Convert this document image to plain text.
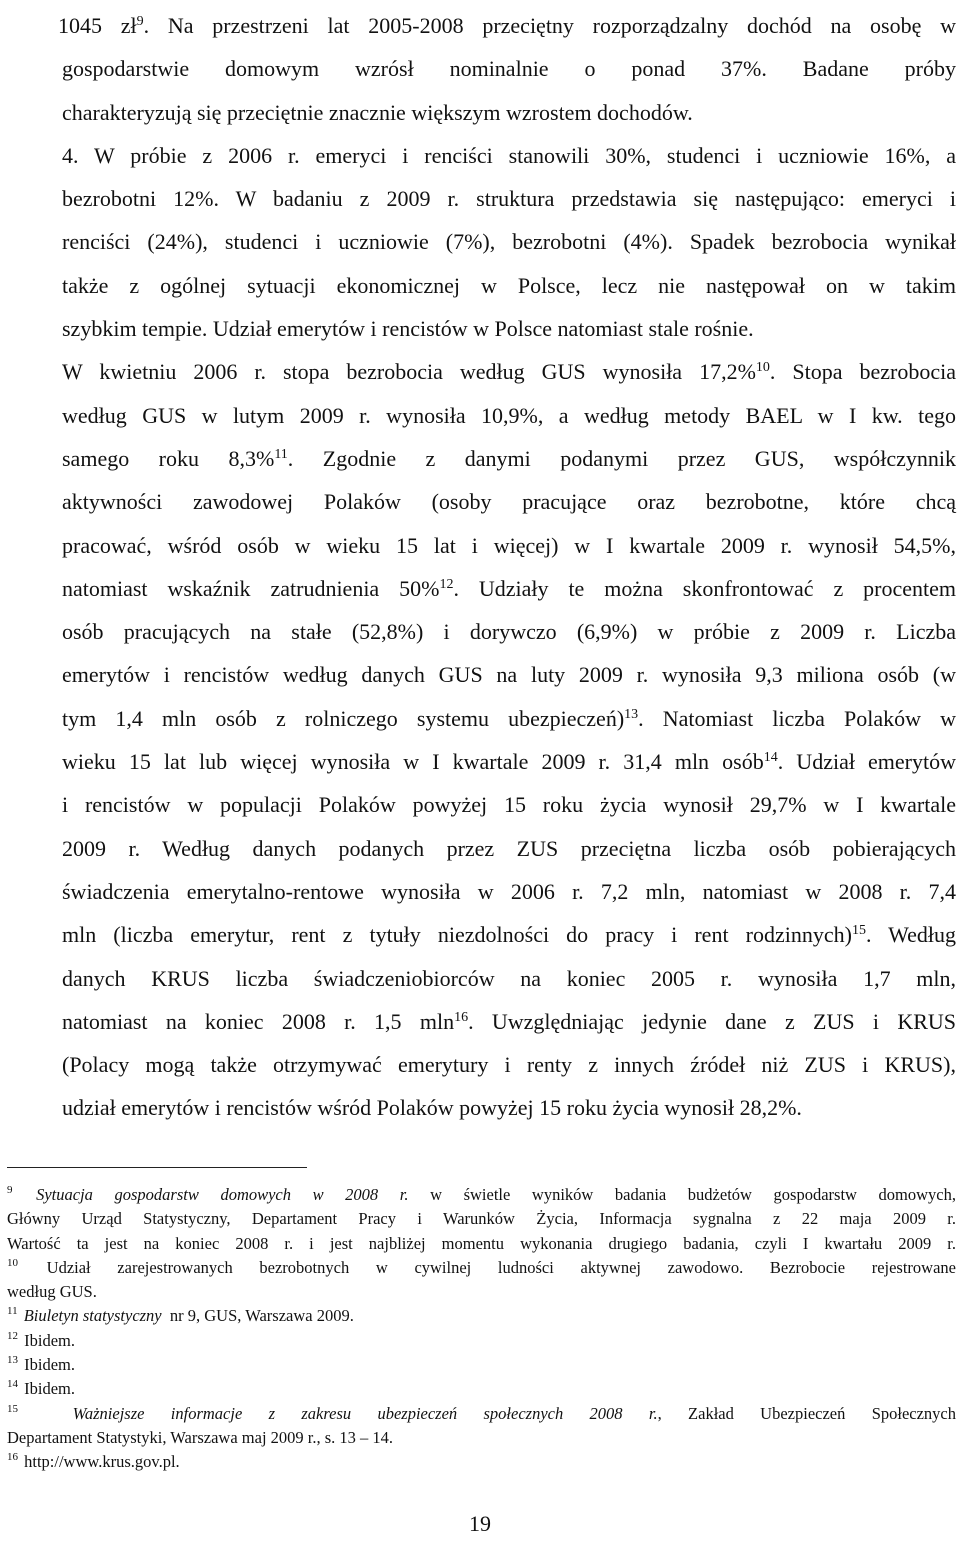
1045 $zł^9$. Na przestrzeni lat 2005-2008 przeciętny rozporządzalny dochód na osobę w
gospodarstwie domowym wzrósł nominalnie o ponad 37%. Badane próby
charakteryzują się przeciętnie znacznie większym wzrostem dochodów.
4. W próbie z 2006 r. emeryci i renciści stanowili 30%, studenci i uczniowie 16%, a
bezrobotni 12%. W badaniu z 2009 r. struktura przedstawia się następująco: emeryci i
renciści (24%), studenci i uczniowie (7%), bezrobotni (4%). Spadek bezrobocia wynikał
także z ogólnej sytuacji ekonomicznej w Polsce, lecz nie następował on w takim
szybkim tempie. Udział emerytów i rencistów w Polsce natomiast stale rośnie.
W kwietniu 2006 r. stopa bezrobocia według GUS wynosiła 17,2%$^{10}$. Stopa bezrobocia
według GUS w lutym 2009 r. wynosiła 10,9%, a według metody BAEL w I kw. tego
samego roku 8,3%$^{11}$. Zgodnie z danymi podanymi przez GUS, współczynnik
aktywności zawodowej Polaków (osoby pracujące oraz bezrobotne, które chcą
pracować, wśród osób w wieku 15 lat i więcej) w I kwartale 2009 r. wynosił 54,5%,
natomiast wskaźnik zatrudnienia 50%$^{12}$. Udziały te można skonfrontować z procentem
osób pracujących na stałe (52,8%) i dorywczo (6,9%) w próbie z 2009 r. Liczba
emerytów i rencistów według danych GUS na luty 2009 r. wynosiła 9,3 miliona osób (w
tym 1,4 mln osób z rolniczego systemu ubezpieczeń)$^{13}$. Natomiast liczba Polaków w
wieku 15 lat lub więcej wynosiła w I kwartale 2009 r. 31,4 mln osób$^{14}$. Udział emerytów
i rencistów w populacji Polaków powyżej 15 roku życia wynosił 29,7% w I kwartale
2009 r. Według danych podanych przez ZUS przeciętna liczba osób pobierających
świadczenia emerytalno-rentowe wynosiła w 2006 r. 7,2 mln, natomiast w 2008 r. 7,4
mln (liczba emerytur, rent z tytuły niezdolności do pracy i rent rodzinnych)$^{15}$. Według
danych KRUS liczba świadczeniobiorców na koniec 2005 r. wynosiła 1,7 mln,
natomiast na koniec 2008 r. 1,5 mln$^{16}$. Uwzględniając jedynie dane z ZUS i KRUS
(Polacy mogą także otrzymywać emerytury i renty z innych źródeł niż ZUS i KRUS),
udział emerytów i rencistów wśród Polaków powyżej 15 roku życia wynosił 28,2%.
$^9$ Sytuacja gospodarstw domowych w 2008 r. w świetle wyników badania budżetów gospodarstw domowych,
Główny Urząd Statystyczny, Departament Pracy i Warunków Życia, Informacja sygnalna z 22 maja 2009 r.
Wartość ta jest na koniec 2008 r. i jest najbliżej momentu wykonania drugiego badania, czyli I kwartału 2009 r.
$^{10}$ Udział zarejestrowanych bezrobotnych w cywilnej ludności aktywnej zawodowo. Bezrobocie rejestrowane
według GUS.
$^{11}$ Biuletyn statystyczny  nr 9, GUS, Warszawa 2009.
$^{12}$ Ibidem.
$^{13}$ Ibidem.
$^{14}$ Ibidem.
$^{15}$  Ważniejsze informacje z zakresu ubezpieczeń społecznych 2008 r., Zakład Ubezpieczeń Społecznych
Departament Statystyki, Warszawa maj 2009 r., s. 13 – 14.
$^{16}$ http://www.krus.gov.pl.
19
